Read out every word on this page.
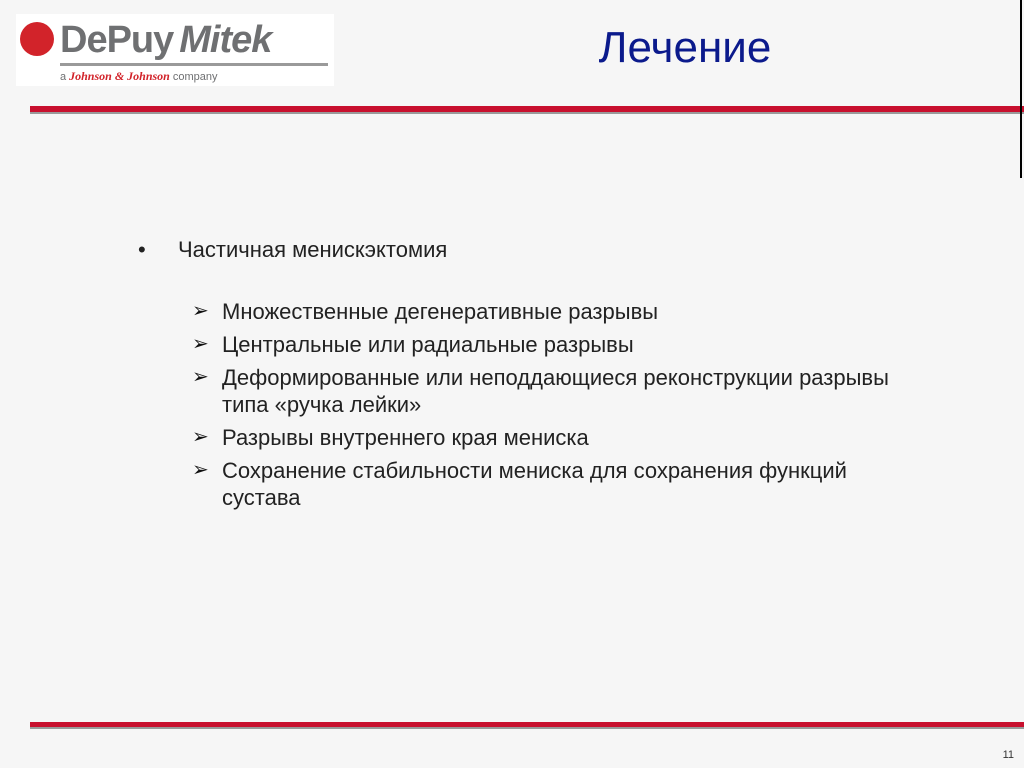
DePuy Mitek
a Johnson & Johnson company
Лечение
•	Частичная менискэктомия
➢ Множественные дегенеративные разрывы
➢ Центральные или радиальные разрывы
➢ Деформированные или неподдающиеся реконструкции разрывы типа «ручка лейки»
➢ Разрывы внутреннего края мениска
➢ Сохранение стабильности мениска для сохранения функций сустава
11
